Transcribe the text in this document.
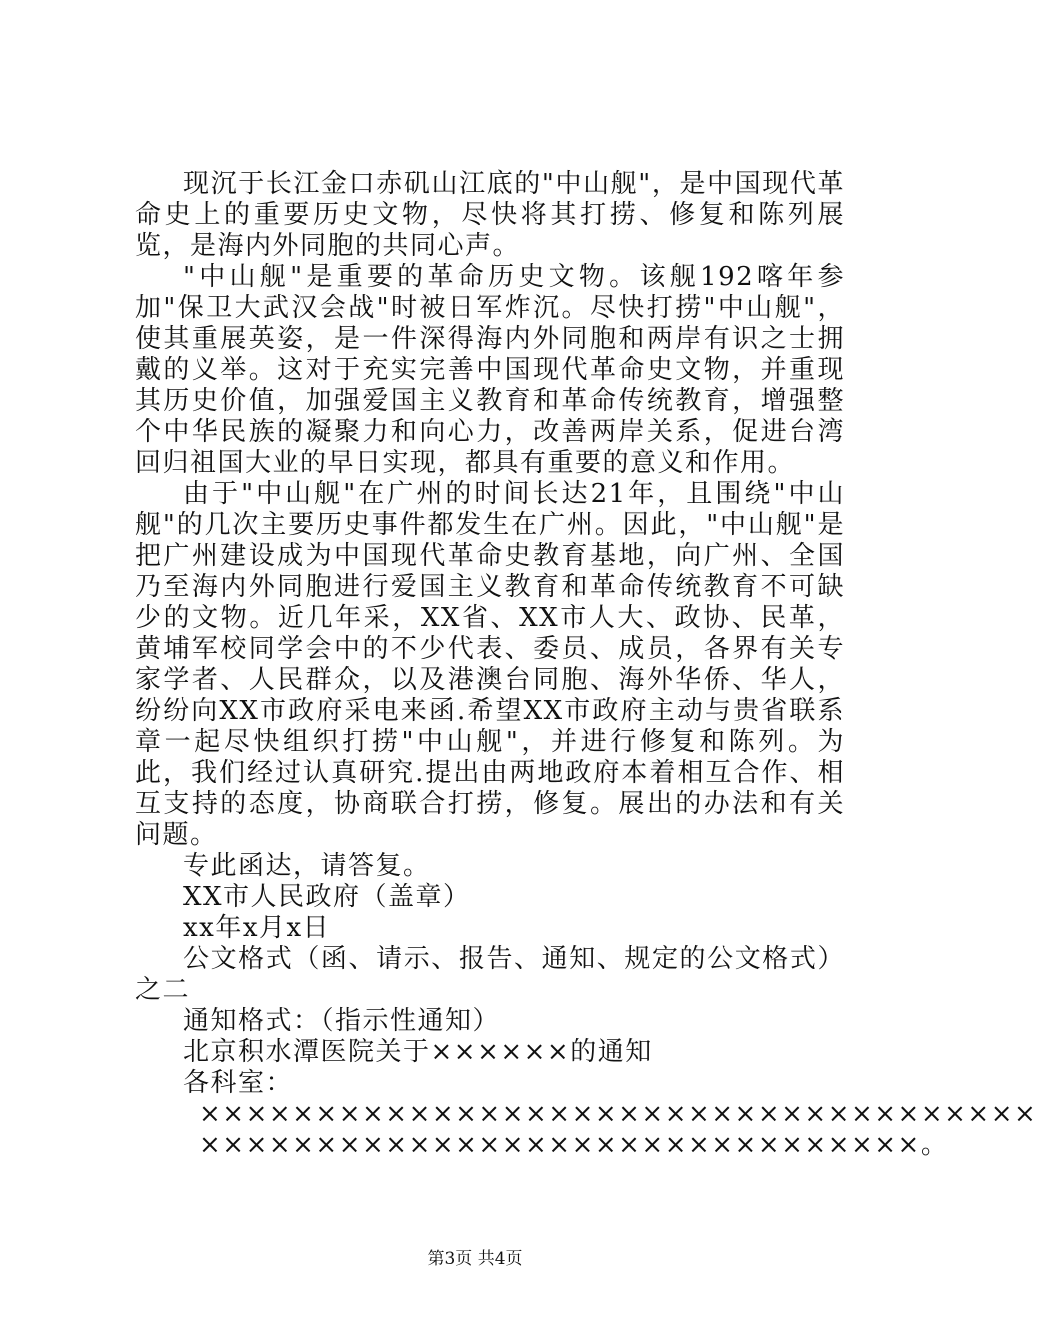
现沉于长江金口赤矶山江底的"中山舰"，是中国现代革命史上的重要历史文物，尽快将其打捞、修复和陈列展览，是海内外同胞的共同心声。

"中山舰"是重要的革命历史文物。该舰192喀年参加"保卫大武汉会战"时被日军炸沉。尽快打捞"中山舰"，使其重展英姿，是一件深得海内外同胞和两岸有识之士拥戴的义举。这对于充实完善中国现代革命史文物，并重现其历史价值，加强爱国主义教育和革命传统教育，增强整个中华民族的凝聚力和向心力，改善两岸关系，促进台湾回归祖国大业的早日实现，都具有重要的意义和作用。

由于"中山舰"在广州的时间长达21年，且围绕"中山舰"的几次主要历史事件都发生在广州。因此，"中山舰"是把广州建设成为中国现代革命史教育基地，向广州、全国乃至海内外同胞进行爱国主义教育和革命传统教育不可缺少的文物。近几年采，XX省、XX市人大、政协、民革，黄埔军校同学会中的不少代表、委员、成员，各界有关专家学者、人民群众，以及港澳台同胞、海外华侨、华人，纷纷向XX市政府采电来函.希望XX市政府主动与贵省联系章一起尽快组织打捞"中山舰"，并进行修复和陈列。为此，我们经过认真研究.提出由两地政府本着相互合作、相互支持的态度，协商联合打捞，修复。展出的办法和有关问题。

专此函达，请答复。

XX市人民政府（盖章）

xx年x月x日

公文格式（函、请示、报告、通知、规定的公文格式）之二

通知格式：（指示性通知）

北京积水潭医院关于××××××的通知

各科室：

××××××××××××××××××××××××××××××××××××

×××××××××××××××××××××××××××××××。

第3页 共4页
